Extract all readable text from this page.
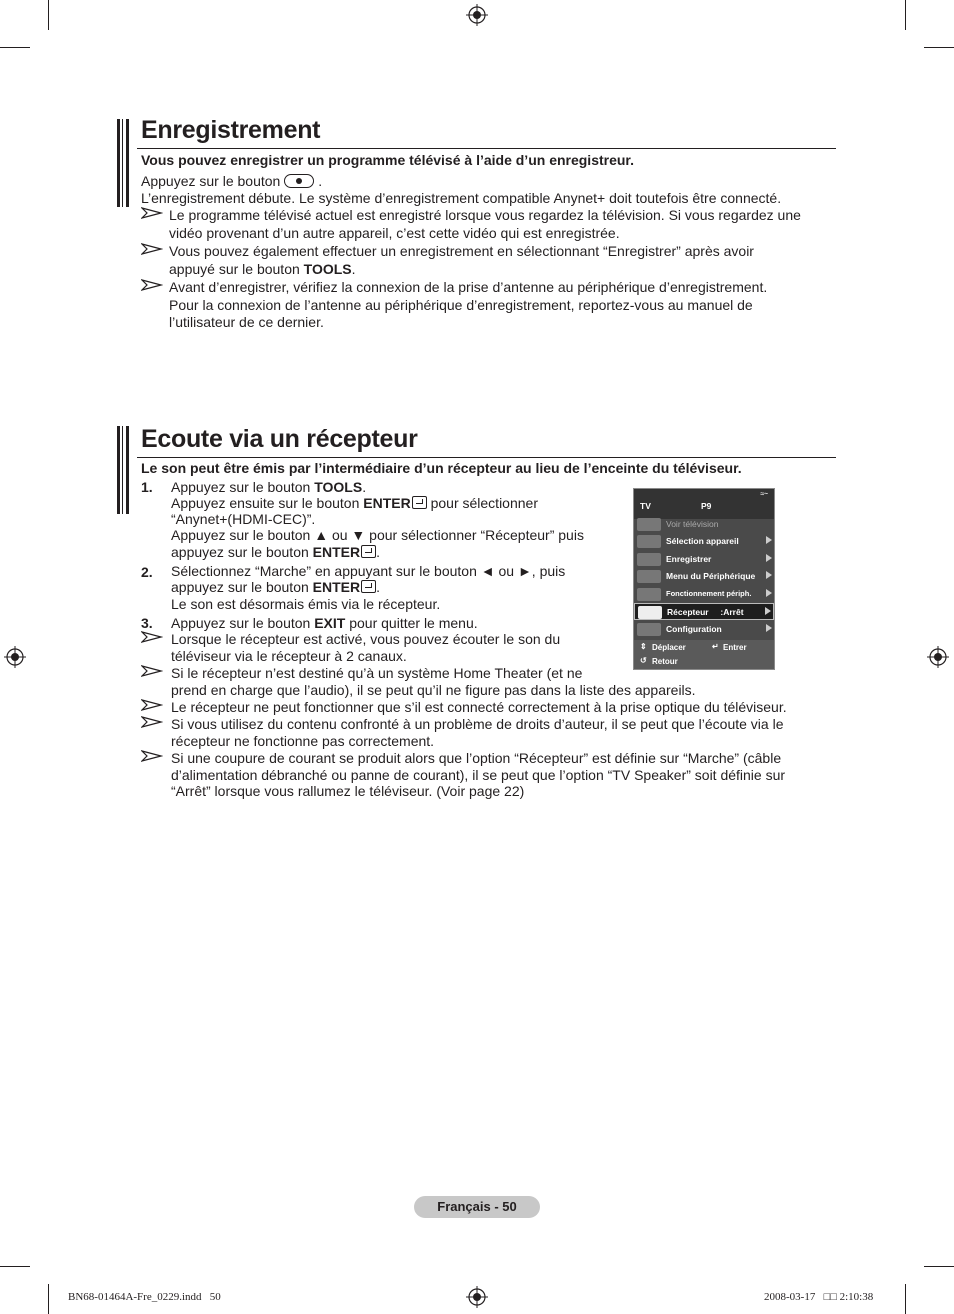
Enregistrement
Vous pouvez enregistrer un programme télévisé à l’aide d’un enregistreur.
Appuyez sur le bouton	.
L’enregistrement débute. Le système d’enregistrement compatible Anynet+ doit toutefois être connecté.
Le programme télévisé actuel est enregistré lorsque vous regardez la télévision. Si vous regardez une
vidéo provenant d’un autre appareil, c’est cette vidéo qui est enregistrée.
Vous pouvez également effectuer un enregistrement en sélectionnant “Enregistrer” après avoir
appuyé sur le bouton TOOLS.
Avant d’enregistrer, vérifiez la connexion de la prise d’antenne au périphérique d’enregistrement.
Pour la connexion de l’antenne au périphérique d’enregistrement, reportez-vous au manuel de
l’utilisateur de ce dernier.
Ecoute via un récepteur
Le son peut être émis par l’intermédiaire d’un récepteur au lieu de l’enceinte du téléviseur.
1. Appuyez sur le bouton TOOLS.
Appuyez ensuite sur le bouton ENTER pour sélectionner
“Anynet+(HDMI-CEC)”.
Appuyez sur le bouton ▲ ou ▼ pour sélectionner “Récepteur” puis
appuyez sur le bouton ENTER .
2. Sélectionnez “Marche” en appuyant sur le bouton ◄ ou ►, puis
appuyez sur le bouton ENTER .
Le son est désormais émis via le récepteur.
3. Appuyez sur le bouton EXIT pour quitter le menu.
Lorsque le récepteur est activé, vous pouvez écouter le son du
téléviseur via le récepteur à 2 canaux.
Si le récepteur n’est destiné qu’à un système Home Theater (et ne
prend en charge que l’audio), il se peut qu’il ne figure pas dans la liste des appareils.
Le récepteur ne peut fonctionner que s’il est connecté correctement à la prise optique du téléviseur.
Si vous utilisez du contenu confronté à un problème de droits d’auteur, il se peut que l’écoute via le
récepteur ne fonctionne pas correctement.
Si une coupure de courant se produit alors que l’option “Récepteur” est définie sur “Marche” (câble
d’alimentation débranché ou panne de courant), il se peut que l’option “TV Speaker” soit définie sur
“Arrêt” lorsque vous rallumez le téléviseur. (Voir page 22)
TV	P9
≈~
Voir télévision
Sélection appareil
Enregistrer
Menu du Périphérique
Fonctionnement périph.
Récepteur     :Arrêt
Configuration
⇕ Déplacer	↵ Entrer
↺ Retour
Français - 50
BN68-01464A-Fre_0229.indd   50	2008-03-17   □□ 2:10:38
